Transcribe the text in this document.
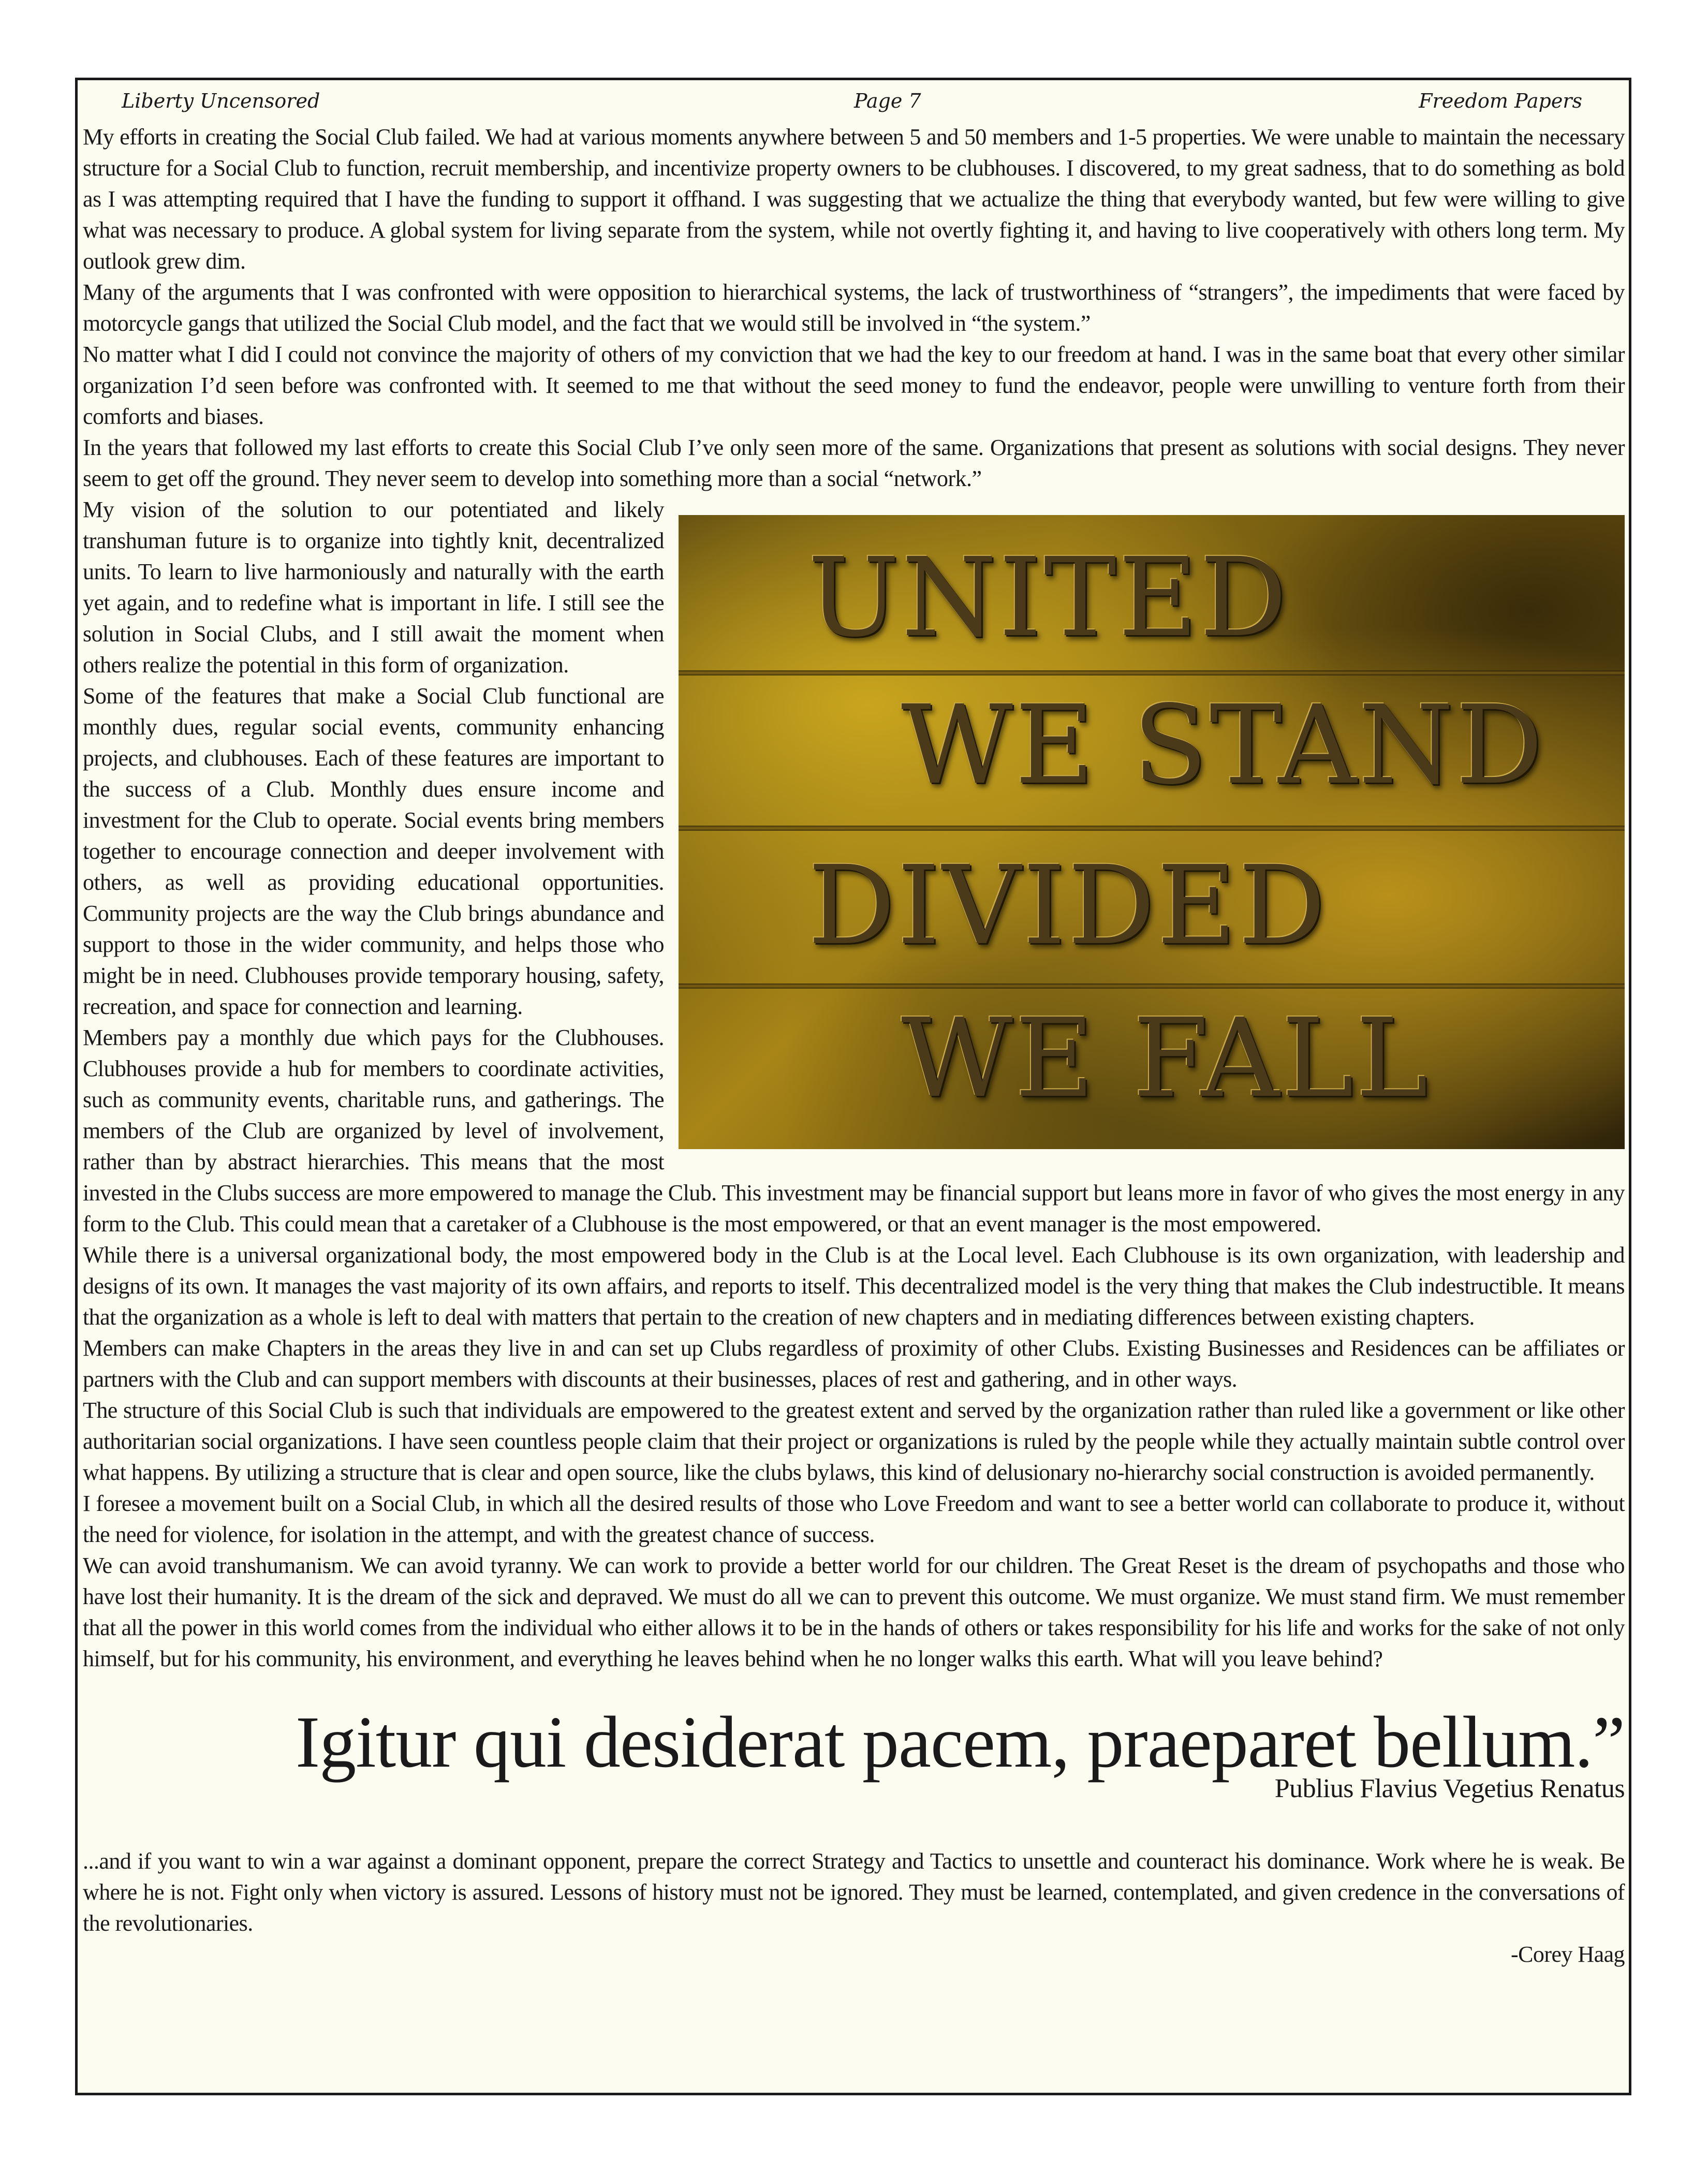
Liberty Uncensored	Page 7	Freedom Papers

My efforts in creating the Social Club failed. We had at various moments anywhere between 5 and 50 members and 1-5 properties. We were unable to maintain the necessary structure for a Social Club to function, recruit membership, and incentivize property owners to be clubhouses. I discovered, to my great sadness, that to do something as bold as I was attempting required that I have the funding to support it offhand. I was suggesting that we actualize the thing that everybody wanted, but few were willing to give what was necessary to produce. A global system for living separate from the system, while not overtly fighting it, and having to live cooperatively with others long term. My outlook grew dim.

Many of the arguments that I was confronted with were opposition to hierarchical systems, the lack of trustworthiness of “strangers”, the impediments that were faced by motorcycle gangs that utilized the Social Club model, and the fact that we would still be involved in “the system.”

No matter what I did I could not convince the majority of others of my conviction that we had the key to our freedom at hand. I was in the same boat that every other similar organization I’d seen before was confronted with. It seemed to me that without the seed money to fund the endeavor, people were unwilling to venture forth from their comforts and biases.

In the years that followed my last efforts to create this Social Club I’ve only seen more of the same. Organizations that present as solutions with social designs. They never seem to get off the ground. They never seem to develop into something more than a social “network.”

UNITED
WE STAND
DIVIDED
WE FALL

My vision of the solution to our potentiated and likely transhuman future is to organize into tightly knit, decentralized units. To learn to live harmoniously and naturally with the earth yet again, and to redefine what is important in life. I still see the solution in Social Clubs, and I still await the moment when others realize the potential in this form of organization.

Some of the features that make a Social Club functional are monthly dues, regular social events, community enhancing projects, and clubhouses. Each of these features are important to the success of a Club. Monthly dues ensure income and investment for the Club to operate. Social events bring members together to encourage connection and deeper involvement with others, as well as providing educational opportunities. Community projects are the way the Club brings abundance and support to those in the wider community, and helps those who might be in need. Clubhouses provide temporary housing, safety, recreation, and space for connection and learning.

Members pay a monthly due which pays for the Clubhouses. Clubhouses provide a hub for members to coordinate activities, such as community events, charitable runs, and gatherings. The members of the Club are organized by level of involvement, rather than by abstract hierarchies. This means that the most invested in the Clubs success are more empowered to manage the Club. This investment may be financial support but leans more in favor of who gives the most energy in any form to the Club. This could mean that a caretaker of a Clubhouse is the most empowered, or that an event manager is the most empowered.

While there is a universal organizational body, the most empowered body in the Club is at the Local level. Each Clubhouse is its own organization, with leadership and designs of its own. It manages the vast majority of its own affairs, and reports to itself. This decentralized model is the very thing that makes the Club indestructible. It means that the organization as a whole is left to deal with matters that pertain to the creation of new chapters and in mediating differences between existing chapters.

Members can make Chapters in the areas they live in and can set up Clubs regardless of proximity of other Clubs. Existing Businesses and Residences can be affiliates or partners with the Club and can support members with discounts at their businesses, places of rest and gathering, and in other ways.

The structure of this Social Club is such that individuals are empowered to the greatest extent and served by the organization rather than ruled like a government or like other authoritarian social organizations. I have seen countless people claim that their project or organizations is ruled by the people while they actually maintain subtle control over what happens. By utilizing a structure that is clear and open source, like the clubs bylaws, this kind of delusionary no-hierarchy social construction is avoided permanently.

I foresee a movement built on a Social Club, in which all the desired results of those who Love Freedom and want to see a better world can collaborate to produce it, without the need for violence, for isolation in the attempt, and with the greatest chance of success.

We can avoid transhumanism. We can avoid tyranny. We can work to provide a better world for our children. The Great Reset is the dream of psychopaths and those who have lost their humanity. It is the dream of the sick and depraved. We must do all we can to prevent this outcome. We must organize. We must stand firm. We must remember that all the power in this world comes from the individual who either allows it to be in the hands of others or takes responsibility for his life and works for the sake of not only himself, but for his community, his environment, and everything he leaves behind when he no longer walks this earth. What will you leave behind?

Igitur qui desiderat pacem, praeparet bellum.”
Publius Flavius Vegetius Renatus

...and if you want to win a war against a dominant opponent, prepare the correct Strategy and Tactics to unsettle and counteract his dominance. Work where he is weak. Be where he is not. Fight only when victory is assured. Lessons of history must not be ignored. They must be learned, contemplated, and given credence in the conversations of the revolutionaries.

-Corey Haag
